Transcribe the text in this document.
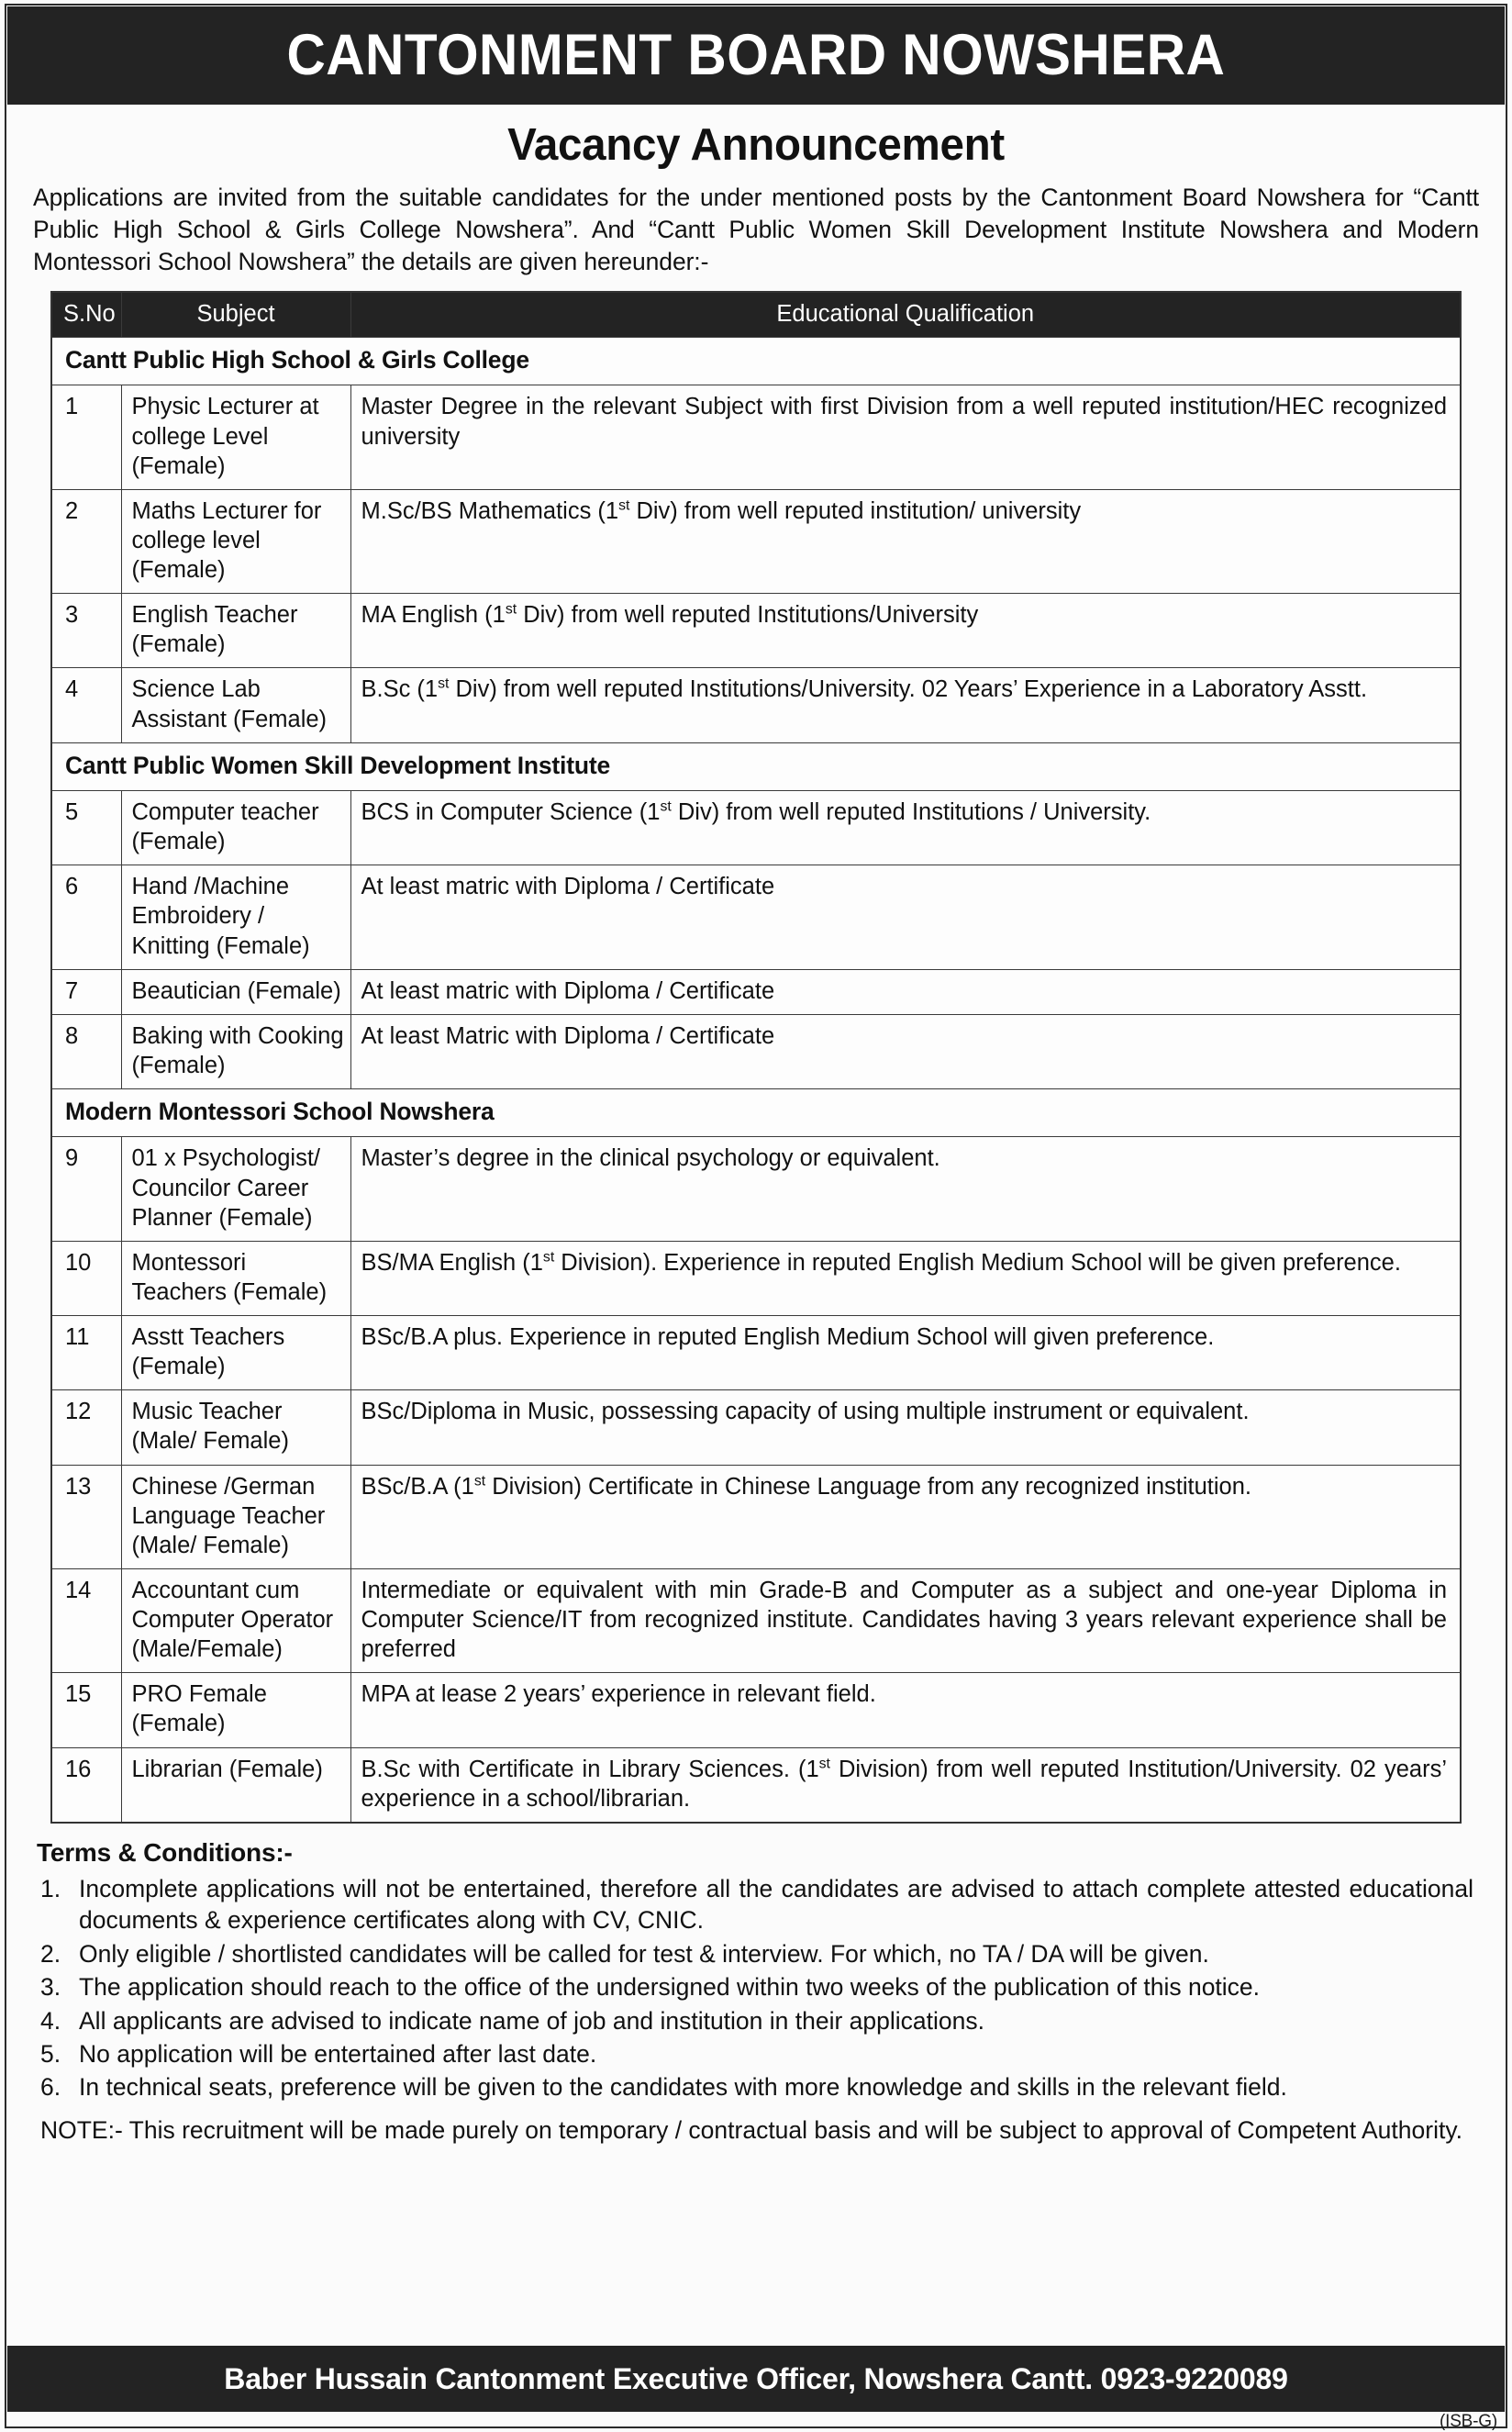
CANTONMENT BOARD NOWSHERA
Vacancy Announcement
Applications are invited from the suitable candidates for the under mentioned posts by the Cantonment Board Nowshera for “Cantt Public High School & Girls College Nowshera”. And “Cantt Public Women Skill Development Institute Nowshera and Modern Montessori School Nowshera” the details are given hereunder:-
S.No	Subject	Educational Qualification
Cantt Public High School & Girls College		
1	Physic Lecturer at college Level (Female)	Master Degree in the relevant Subject with first Division from a well reputed institution/HEC recognized university
2	Maths Lecturer for college level (Female)	M.Sc/BS Mathematics (1st Div) from well reputed institution/ university
3	English Teacher (Female)	MA English (1st Div) from well reputed Institutions/University
4	Science Lab Assistant (Female)	B.Sc (1st Div) from well reputed Institutions/University. 02 Years’ Experience in a Laboratory Asstt.
Cantt Public Women Skill Development Institute		
5	Computer teacher (Female)	BCS in Computer Science (1st Div) from well reputed Institutions / University.
6	Hand /Machine Embroidery / Knitting (Female)	At least matric with Diploma / Certificate
7	Beautician (Female)	At least matric with Diploma / Certificate
8	Baking with Cooking (Female)	At least Matric with Diploma / Certificate
Modern Montessori School Nowshera		
9	01 x Psychologist/ Councilor Career Planner (Female)	Master’s degree in the clinical psychology or equivalent.
10	Montessori Teachers (Female)	BS/MA English (1st Division). Experience in reputed English Medium School will be given preference.
11	Asstt Teachers (Female)	BSc/B.A plus. Experience in reputed English Medium School will given preference.
12	Music Teacher (Male/ Female)	BSc/Diploma in Music, possessing capacity of using multiple instrument or equivalent.
13	Chinese /German Language Teacher (Male/ Female)	BSc/B.A (1st Division) Certificate in Chinese Language from any recognized institution.
14	Accountant cum Computer Operator (Male/Female)	Intermediate or equivalent with min Grade-B and Computer as a subject and one-year Diploma in Computer Science/IT from recognized institute. Candidates having 3 years relevant experience shall be preferred
15	PRO Female (Female)	MPA at lease 2 years’ experience in relevant field.
16	Librarian (Female)	B.Sc with Certificate in Library Sciences. (1st Division) from well reputed Institution/University. 02 years’ experience in a school/librarian.
Terms & Conditions:-
1. Incomplete applications will not be entertained, therefore all the candidates are advised to attach complete attested educational documents & experience certificates along with CV, CNIC.
2. Only eligible / shortlisted candidates will be called for test & interview. For which, no TA / DA will be given.
3. The application should reach to the office of the undersigned within two weeks of the publication of this notice.
4. All applicants are advised to indicate name of job and institution in their applications.
5. No application will be entertained after last date.
6. In technical seats, preference will be given to the candidates with more knowledge and skills in the relevant field.
NOTE:- This recruitment will be made purely on temporary / contractual basis and will be subject to approval of Competent Authority.
Baber Hussain Cantonment Executive Officer, Nowshera Cantt. 0923-9220089
(ISB-G)
